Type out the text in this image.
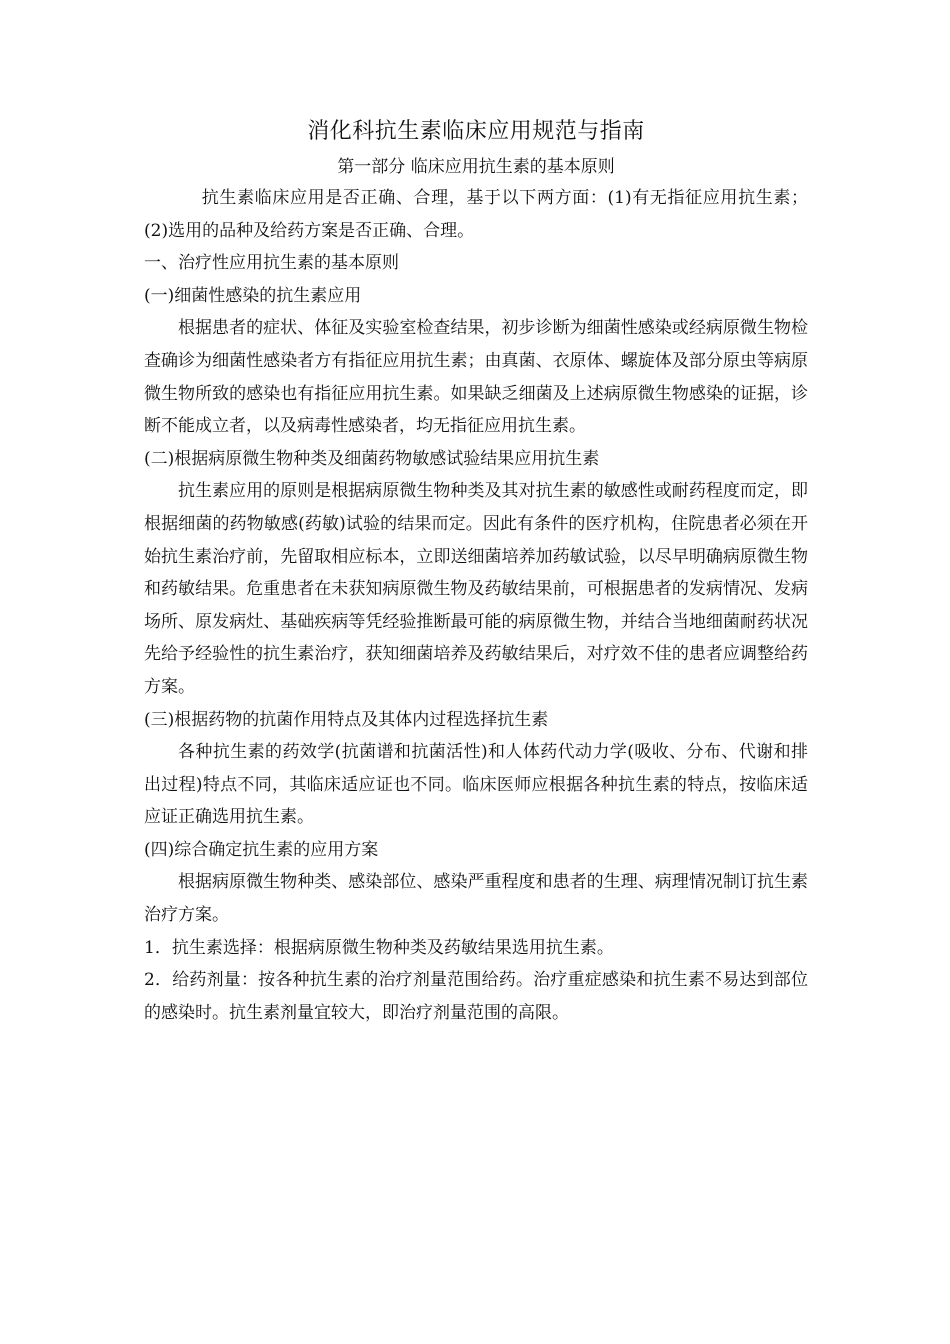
消化科抗生素临床应用规范与指南
第一部分 临床应用抗生素的基本原则

抗生素临床应用是否正确、合理，基于以下两方面：(1)有无指征应用抗生素；(2)选用的品种及给药方案是否正确、合理。

一、治疗性应用抗生素的基本原则

(一)细菌性感染的抗生素应用

根据患者的症状、体征及实验室检查结果，初步诊断为细菌性感染或经病原微生物检查确诊为细菌性感染者方有指征应用抗生素；由真菌、衣原体、螺旋体及部分原虫等病原微生物所致的感染也有指征应用抗生素。如果缺乏细菌及上述病原微生物感染的证据，诊断不能成立者，以及病毒性感染者，均无指征应用抗生素。

(二)根据病原微生物种类及细菌药物敏感试验结果应用抗生素

抗生素应用的原则是根据病原微生物种类及其对抗生素的敏感性或耐药程度而定，即根据细菌的药物敏感(药敏)试验的结果而定。因此有条件的医疗机构，住院患者必须在开始抗生素治疗前，先留取相应标本，立即送细菌培养加药敏试验，以尽早明确病原微生物和药敏结果。危重患者在未获知病原微生物及药敏结果前，可根据患者的发病情况、发病场所、原发病灶、基础疾病等凭经验推断最可能的病原微生物，并结合当地细菌耐药状况先给予经验性的抗生素治疗，获知细菌培养及药敏结果后，对疗效不佳的患者应调整给药方案。

(三)根据药物的抗菌作用特点及其体内过程选择抗生素

各种抗生素的药效学(抗菌谱和抗菌活性)和人体药代动力学(吸收、分布、代谢和排出过程)特点不同，其临床适应证也不同。临床医师应根据各种抗生素的特点，按临床适应证正确选用抗生素。

(四)综合确定抗生素的应用方案

根据病原微生物种类、感染部位、感染严重程度和患者的生理、病理情况制订抗生素治疗方案。

1．抗生素选择：根据病原微生物种类及药敏结果选用抗生素。

2．给药剂量：按各种抗生素的治疗剂量范围给药。治疗重症感染和抗生素不易达到部位的感染时。抗生素剂量宜较大，即治疗剂量范围的高限。
